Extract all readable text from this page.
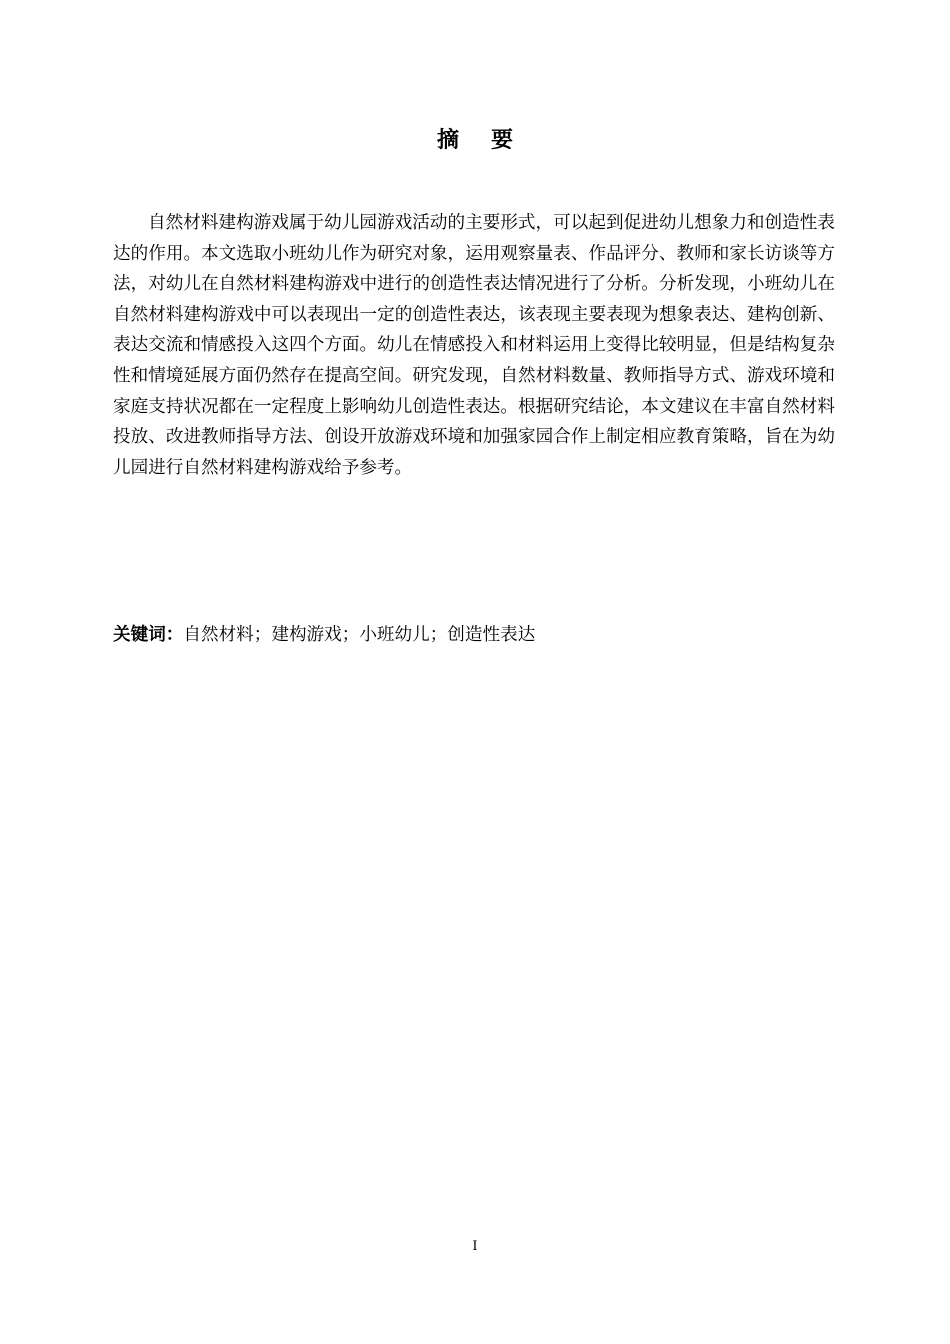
摘要

自然材料建构游戏属于幼儿园游戏活动的主要形式，可以起到促进幼儿想象力和创造性表达的作用。本文选取小班幼儿作为研究对象，运用观察量表、作品评分、教师和家长访谈等方法，对幼儿在自然材料建构游戏中进行的创造性表达情况进行了分析。分析发现，小班幼儿在自然材料建构游戏中可以表现出一定的创造性表达，该表现主要表现为想象表达、建构创新、表达交流和情感投入这四个方面。幼儿在情感投入和材料运用上变得比较明显，但是结构复杂性和情境延展方面仍然存在提高空间。研究发现，自然材料数量、教师指导方式、游戏环境和家庭支持状况都在一定程度上影响幼儿创造性表达。根据研究结论，本文建议在丰富自然材料投放、改进教师指导方法、创设开放游戏环境和加强家园合作上制定相应教育策略，旨在为幼儿园进行自然材料建构游戏给予参考。

关键词：自然材料；建构游戏；小班幼儿；创造性表达

I
